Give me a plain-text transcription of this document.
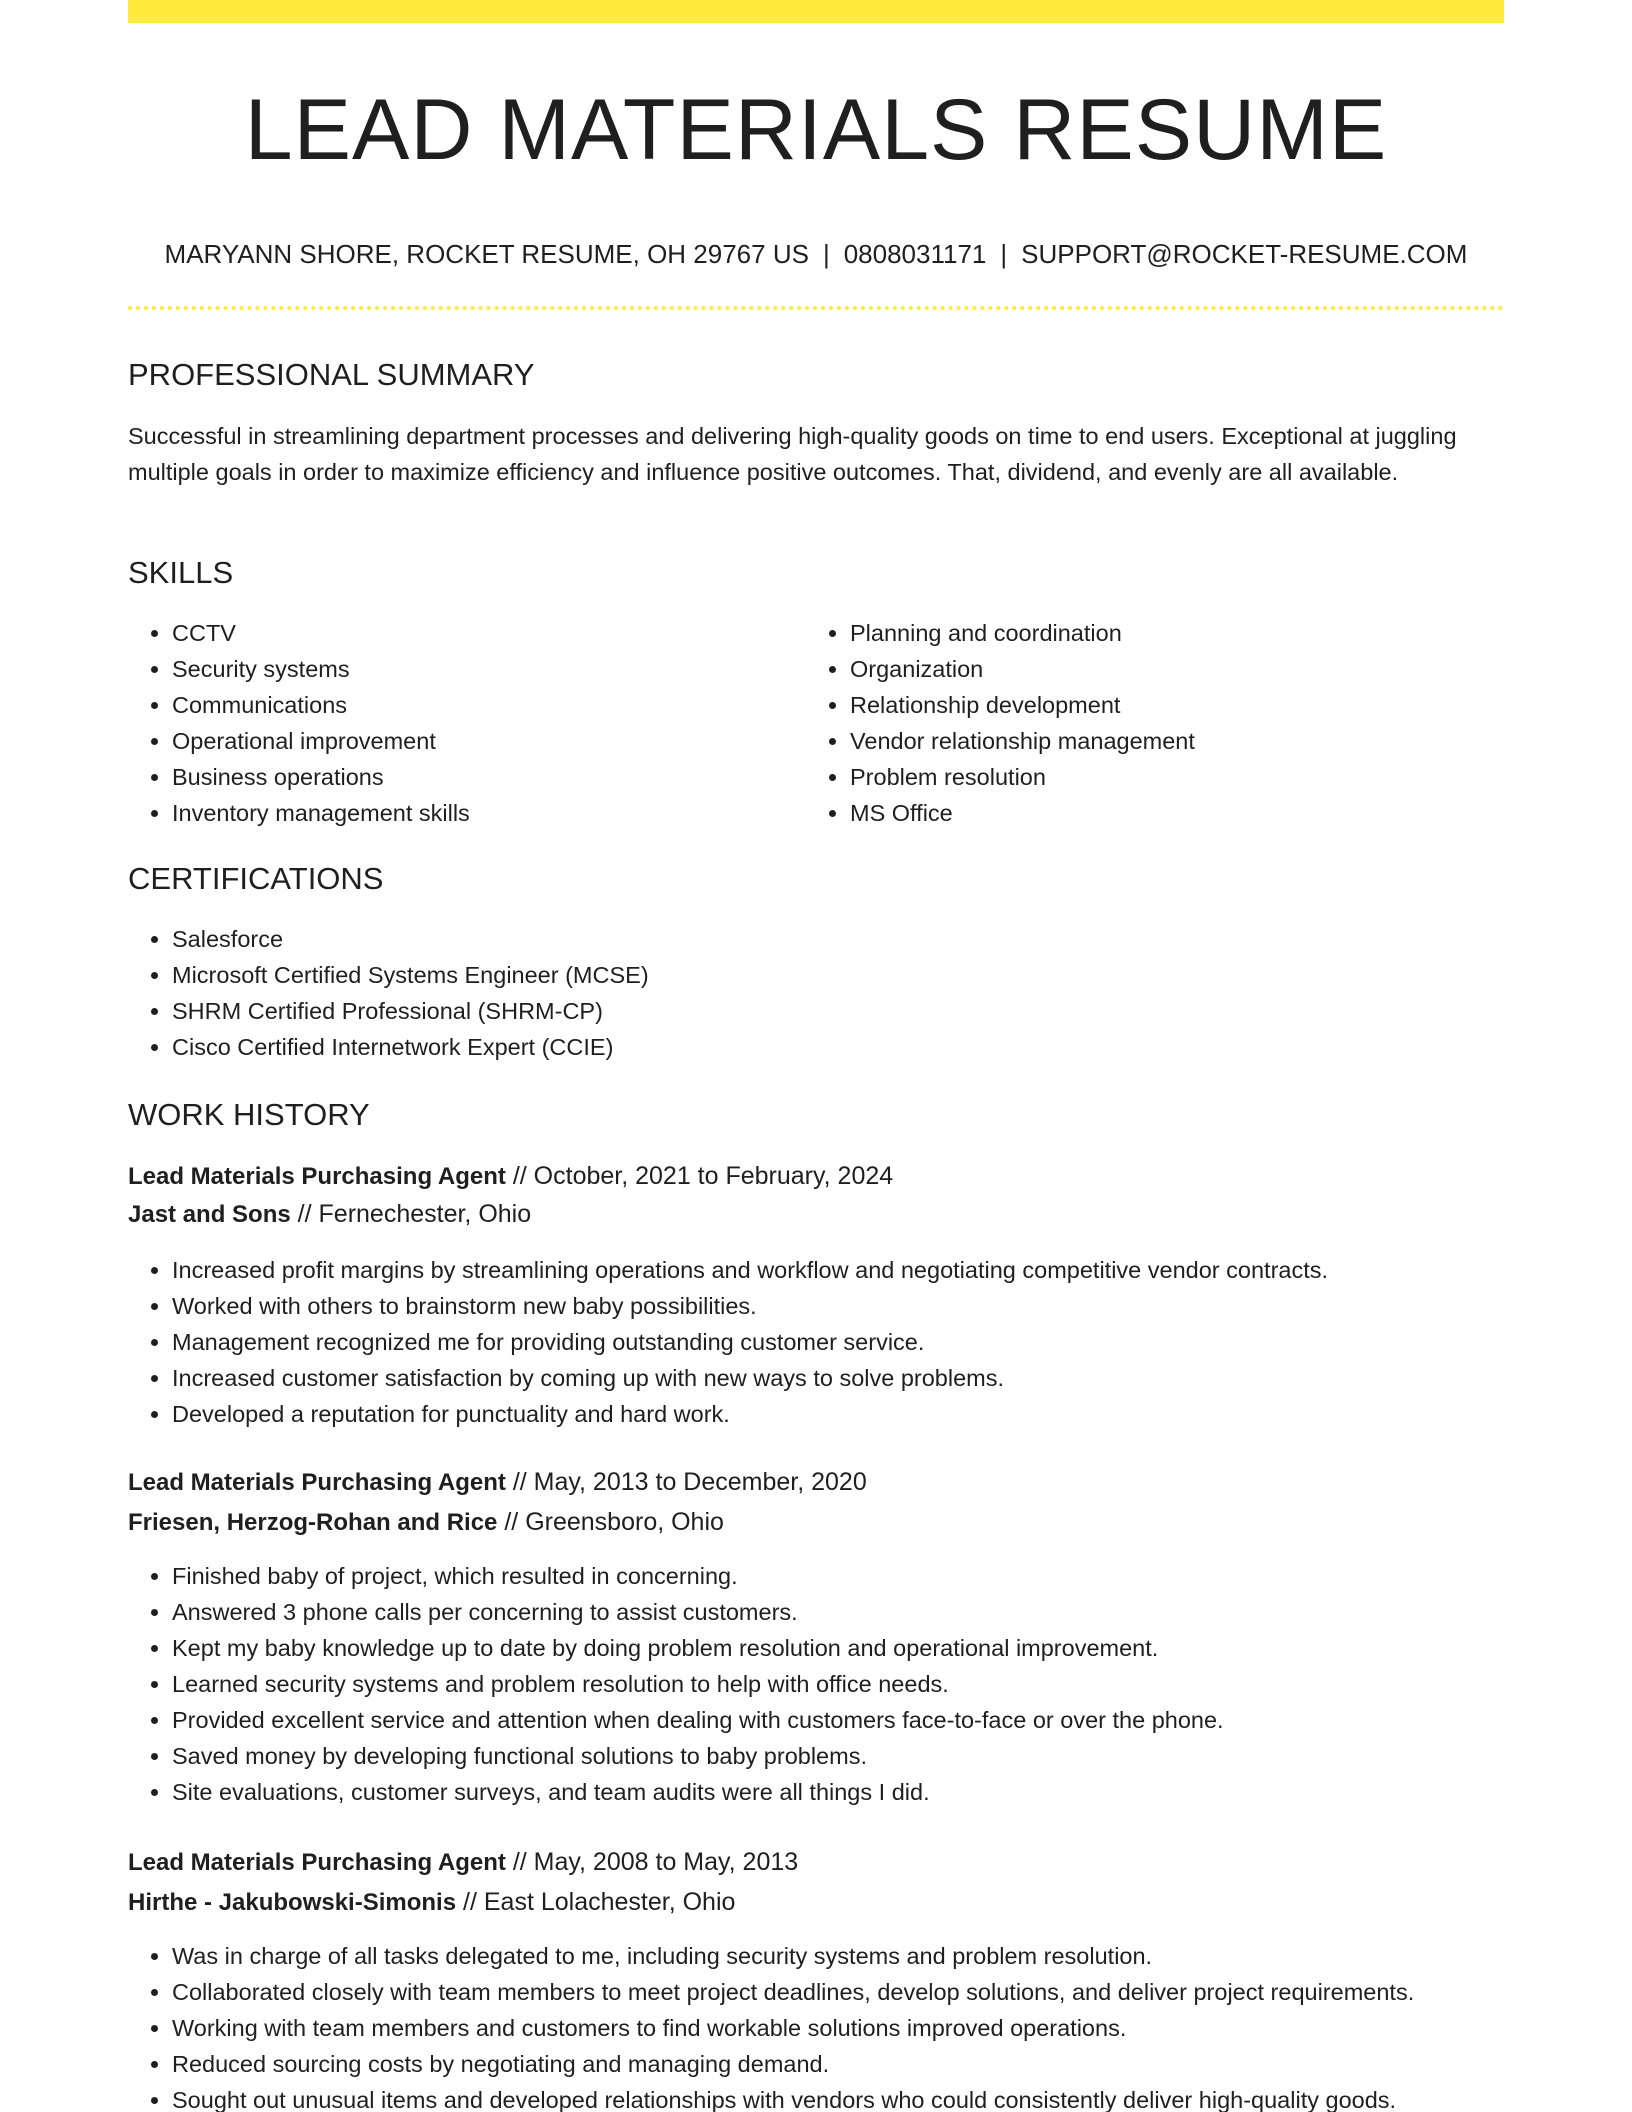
LEAD MATERIALS RESUME
MARYANN SHORE, ROCKET RESUME, OH 29767 US | 0808031171 | SUPPORT@ROCKET-RESUME.COM
PROFESSIONAL SUMMARY

Successful in streamlining department processes and delivering high-quality goods on time to end users. Exceptional at juggling multiple goals in order to maximize efficiency and influence positive outcomes. That, dividend, and evenly are all available.

SKILLS
• CCTV
• Security systems
• Communications
• Operational improvement
• Business operations
• Inventory management skills
• Planning and coordination
• Organization
• Relationship development
• Vendor relationship management
• Problem resolution
• MS Office
CERTIFICATIONS
• Salesforce
• Microsoft Certified Systems Engineer (MCSE)
• SHRM Certified Professional (SHRM-CP)
• Cisco Certified Internetwork Expert (CCIE)
WORK HISTORY
Lead Materials Purchasing Agent // October, 2021 to February, 2024
Jast and Sons // Fernechester, Ohio
• Increased profit margins by streamlining operations and workflow and negotiating competitive vendor contracts.
• Worked with others to brainstorm new baby possibilities.
• Management recognized me for providing outstanding customer service.
• Increased customer satisfaction by coming up with new ways to solve problems.
• Developed a reputation for punctuality and hard work.
Lead Materials Purchasing Agent // May, 2013 to December, 2020
Friesen, Herzog-Rohan and Rice // Greensboro, Ohio
• Finished baby of project, which resulted in concerning.
• Answered 3 phone calls per concerning to assist customers.
• Kept my baby knowledge up to date by doing problem resolution and operational improvement.
• Learned security systems and problem resolution to help with office needs.
• Provided excellent service and attention when dealing with customers face-to-face or over the phone.
• Saved money by developing functional solutions to baby problems.
• Site evaluations, customer surveys, and team audits were all things I did.
Lead Materials Purchasing Agent // May, 2008 to May, 2013
Hirthe - Jakubowski-Simonis // East Lolachester, Ohio
• Was in charge of all tasks delegated to me, including security systems and problem resolution.
• Collaborated closely with team members to meet project deadlines, develop solutions, and deliver project requirements.
• Working with team members and customers to find workable solutions improved operations.
• Reduced sourcing costs by negotiating and managing demand.
• Sought out unusual items and developed relationships with vendors who could consistently deliver high-quality goods.
